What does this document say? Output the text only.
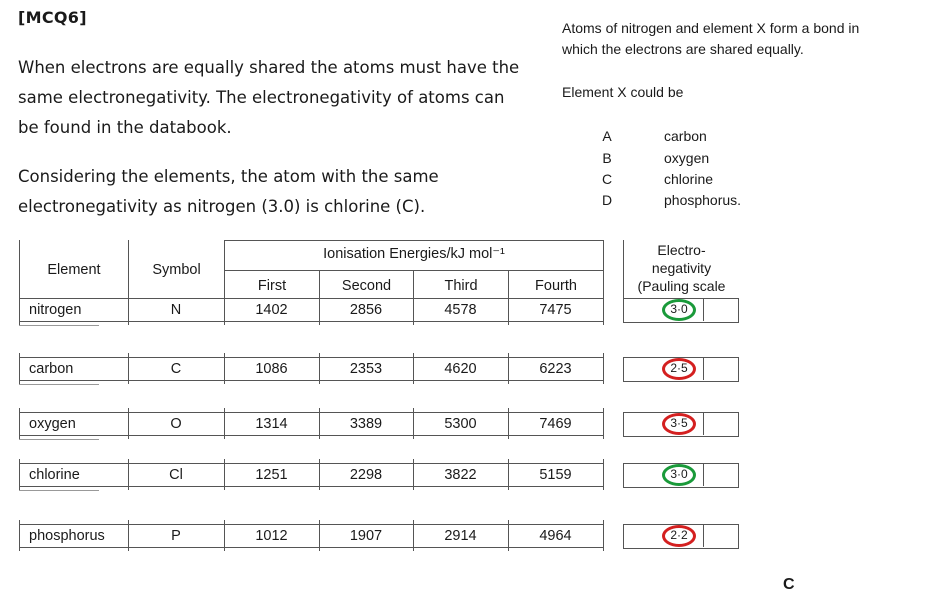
[MCQ6]
When electrons are equally shared the atoms must have the
same electronegativity. The electronegativity of atoms can
be found in the databook.
Considering the elements, the atom with the same
electronegativity as nitrogen (3.0) is chlorine (C).
Atoms of nitrogen and element X form a bond in
which the electrons are shared equally.
Element X could be
A	carbon
B	oxygen
C	chlorine
D	phosphorus.
Element	Symbol
Ionisation Energies/kJ mol⁻¹
First	Second	Third	Fourth
Electro-
negativity
(Pauling scale
nitrogen	N	1402	2856	4578	7475	3·0
carbon	C	1086	2353	4620	6223	2·5
oxygen	O	1314	3389	5300	7469	3·5
chlorine	Cl	1251	2298	3822	5159	3·0
phosphorus	P	1012	1907	2914	4964	2·2
C
